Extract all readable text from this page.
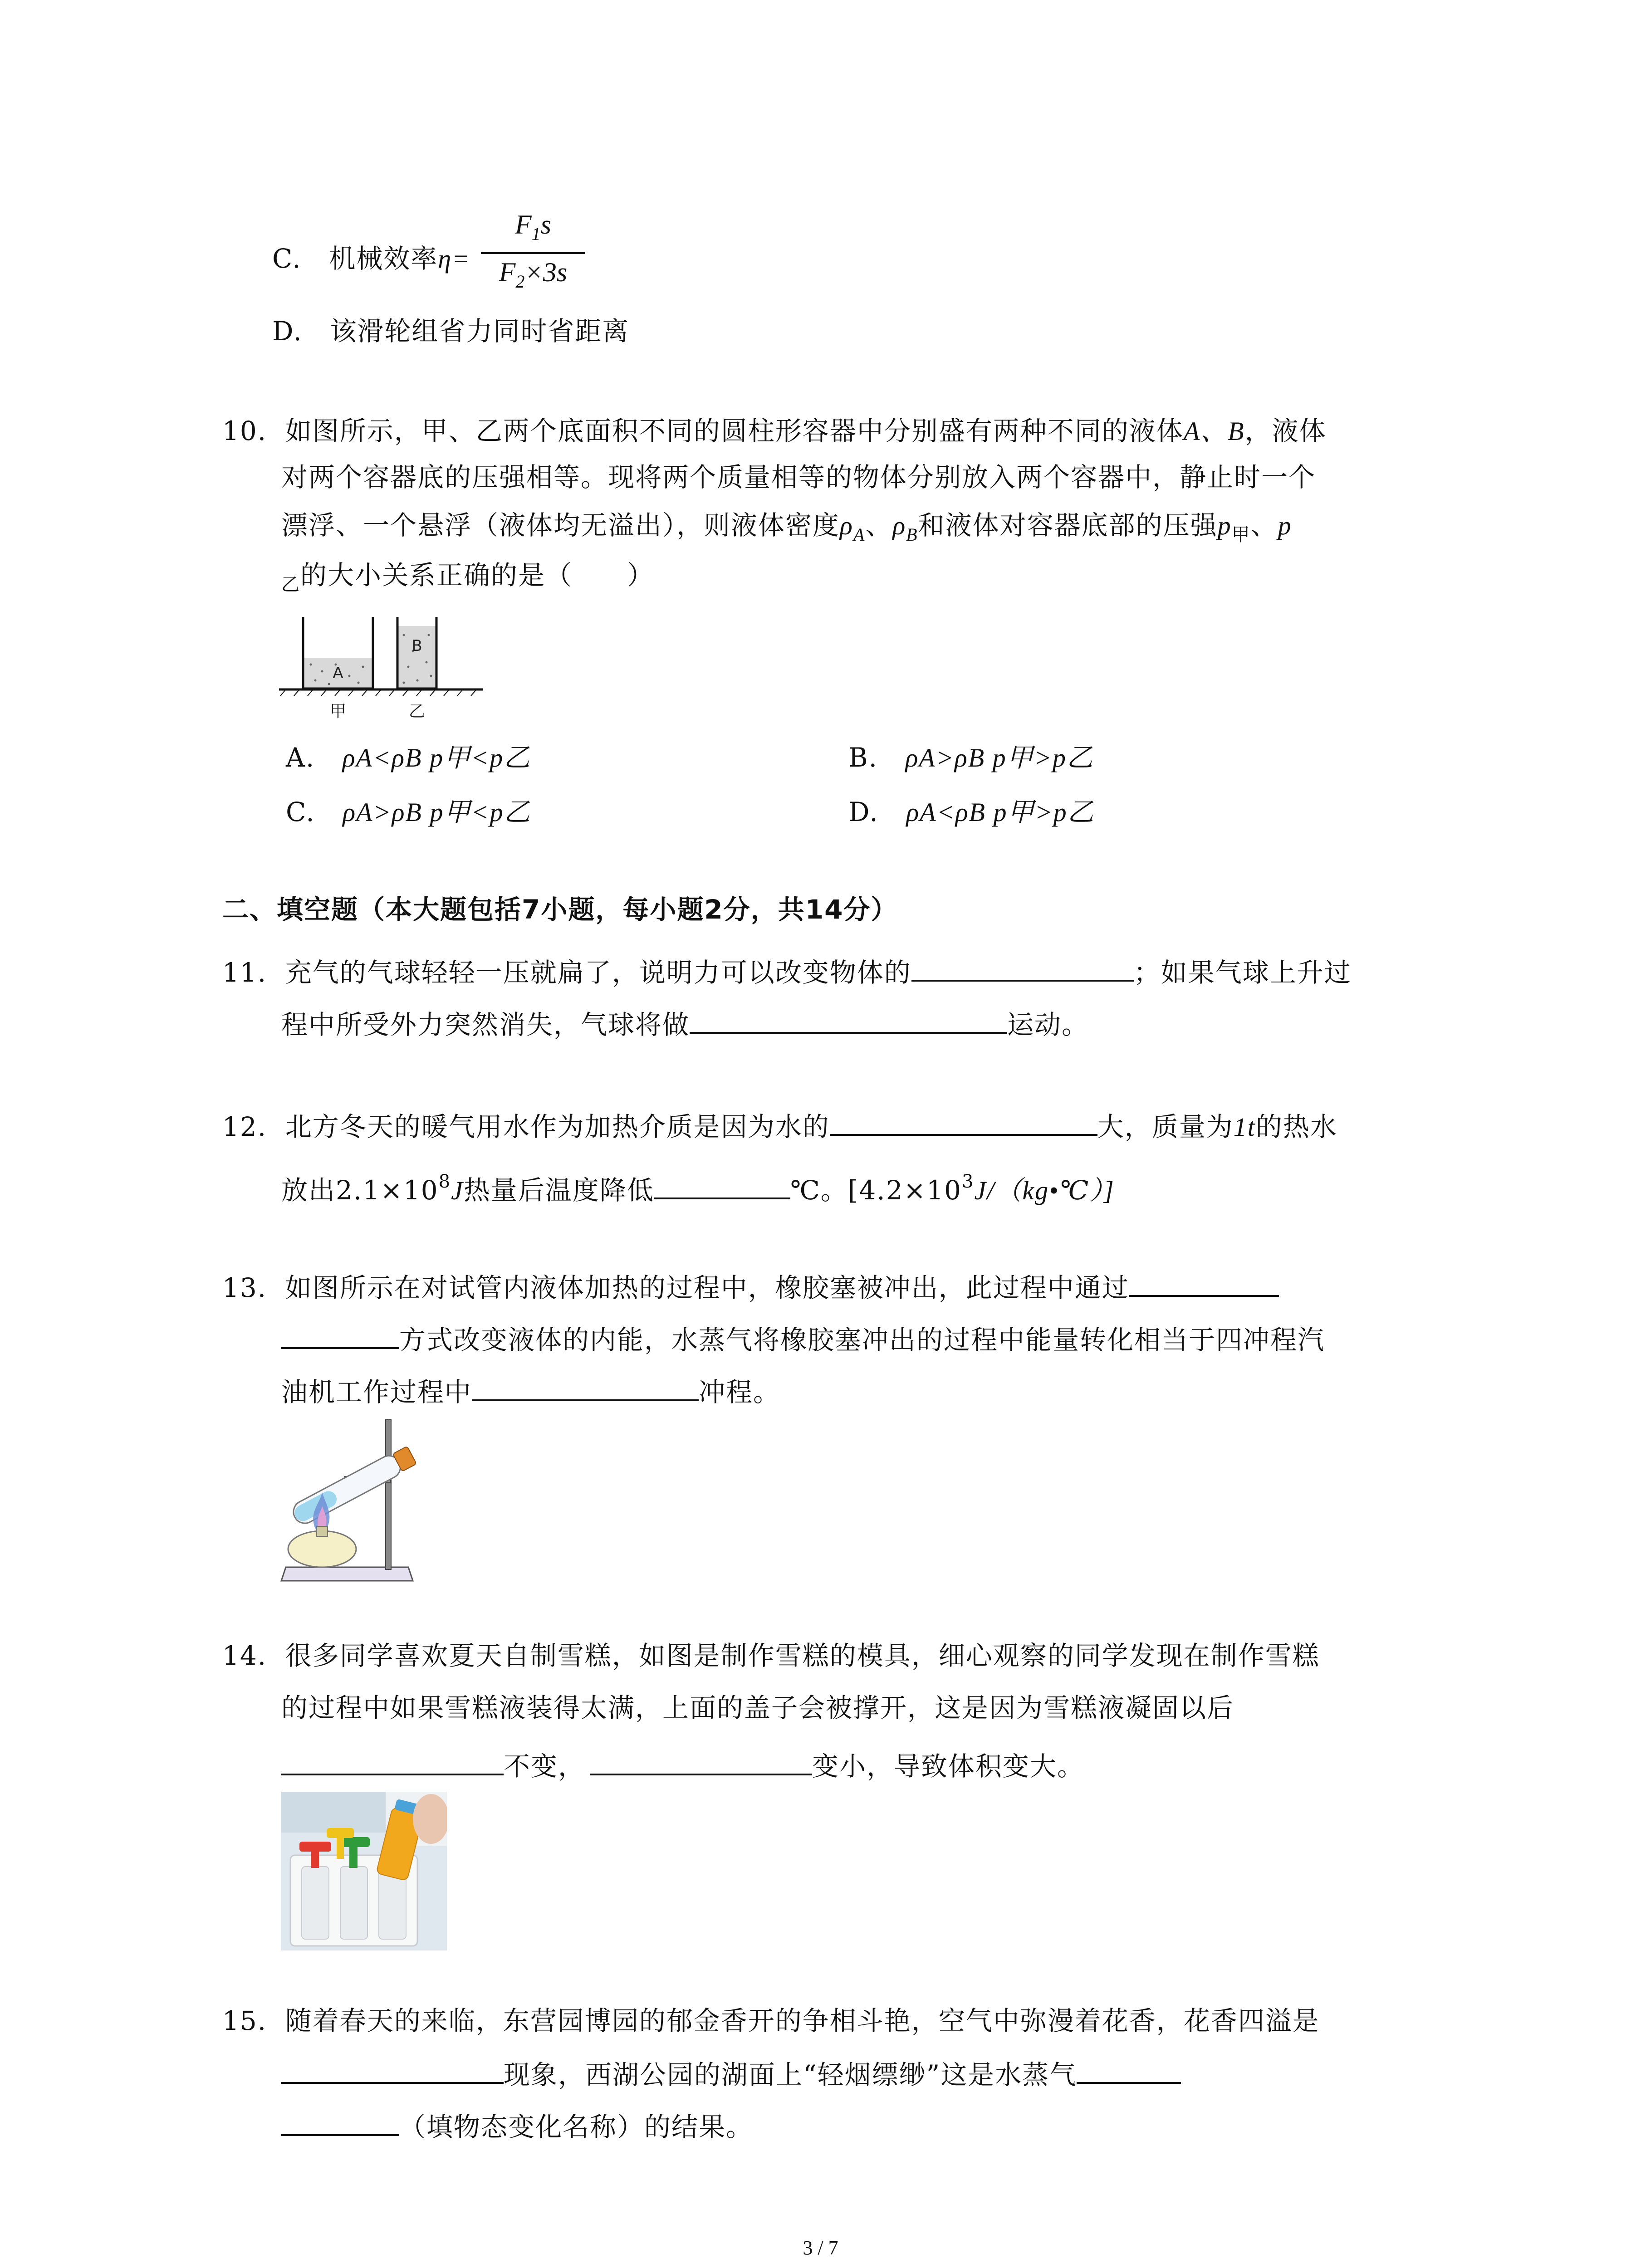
C. 机械效率$\eta= \frac{F_1s}{F_2\times 3s}$
D. 该滑轮组省力同时省距离
10. 如图所示，甲、乙两个底面积不同的圆柱形容器中分别盛有两种不同的液体A、B，液体
对两个容器底的压强相等。现将两个质量相等的物体分别放入两个容器中，静止时一个
漂浮、一个悬浮（液体均无溢出），则液体密度$\rho_A$、$\rho_B$和液体对容器底部的压强$p_甲$、p
$_乙$的大小关系正确的是（　　）
A
B
甲	乙
A. ρA<ρB p甲<p乙	B. ρA>ρB p甲>p乙
C. ρA>ρB p甲<p乙	D. ρA<ρB p甲>p乙
二、填空题（本大题包括7小题，每小题2分，共14分）
11. 充气的气球轻轻一压就扁了，说明力可以改变物体的	；如果气球上升过
程中所受外力突然消失，气球将做	运动。
12. 北方冬天的暖气用水作为加热介质是因为水的	大，质量为1t的热水
放出$2.1\times 10^8J$热量后温度降低	℃。$[4.2\times 10^3J/(kg•℃)]$
13. 如图所示在对试管内液体加热的过程中，橡胶塞被冲出，此过程中通过
方式改变液体的内能，水蒸气将橡胶塞冲出的过程中能量转化相当于四冲程汽
油机工作过程中	冲程。
14. 很多同学喜欢夏天自制雪糕，如图是制作雪糕的模具，细心观察的同学发现在制作雪糕
的过程中如果雪糕液装得太满，上面的盖子会被撑开，这是因为雪糕液凝固以后
不变，	变小，导致体积变大。
15. 随着春天的来临，东营园博园的郁金香开的争相斗艳，空气中弥漫着花香，花香四溢是
现象，西湖公园的湖面上“轻烟缥缈”这是水蒸气
（填物态变化名称）的结果。
3 / 7
